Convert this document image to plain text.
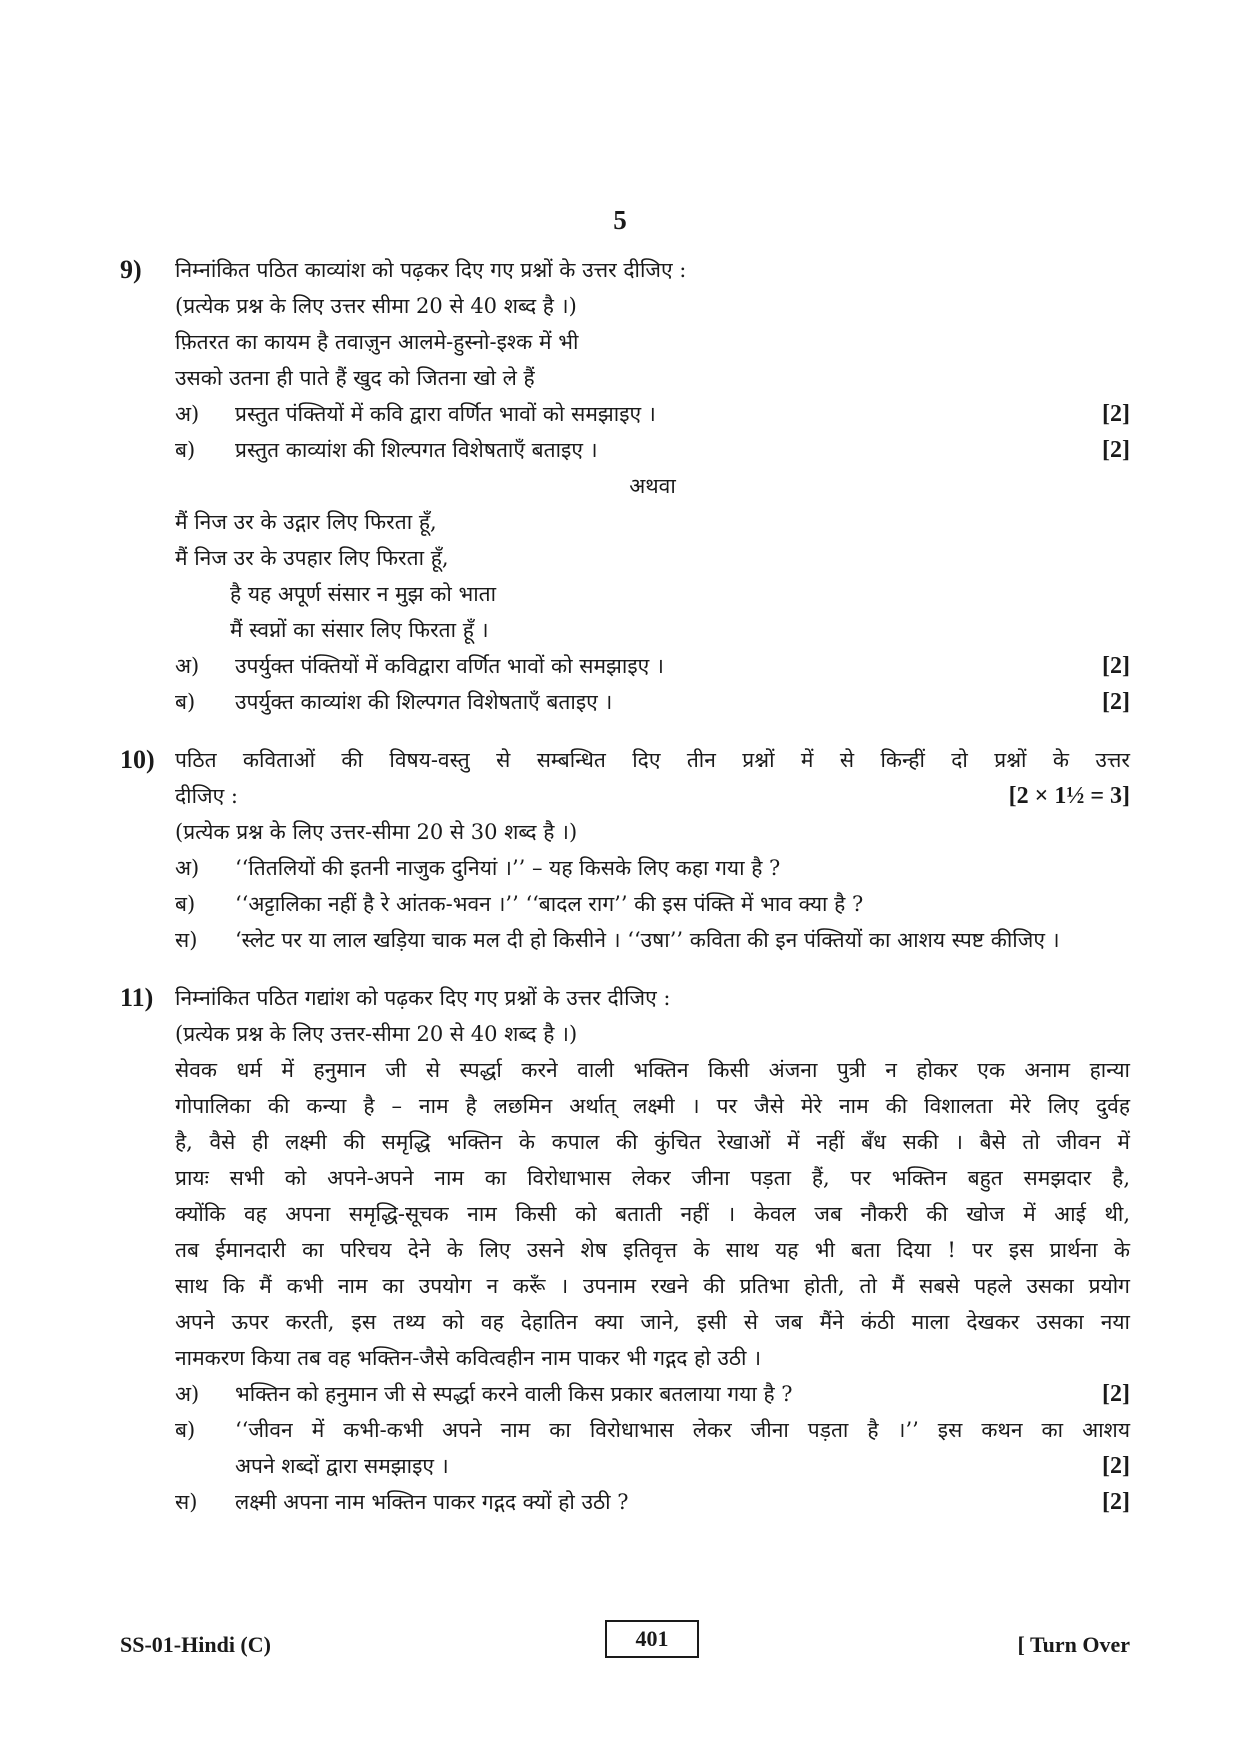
5
9) निम्नांकित पठित काव्यांश को पढ़कर दिए गए प्रश्नों के उत्तर दीजिए :
(प्रत्येक प्रश्न के लिए उत्तर सीमा 20 से 40 शब्द है ।)
फ़ितरत का कायम है तवाज़ुन आलमे-हुस्नो-इश्क में भी
उसको उतना ही पाते हैं खुद को जितना खो ले हैं
अ) प्रस्तुत पंक्तियों में कवि द्वारा वर्णित भावों को समझाइए ।	[2]
ब) प्रस्तुत काव्यांश की शिल्पगत विशेषताएँ बताइए ।	[2]
अथवा
मैं निज उर के उद्गार लिए फिरता हूँ,
मैं निज उर के उपहार लिए फिरता हूँ,
है यह अपूर्ण संसार न मुझ को भाता
मैं स्वप्नों का संसार लिए फिरता हूँ ।
अ) उपर्युक्त पंक्तियों में कविद्वारा वर्णित भावों को समझाइए ।	[2]
ब) उपर्युक्त काव्यांश की शिल्पगत विशेषताएँ बताइए ।	[2]
10) पठित कविताओं की विषय-वस्तु से सम्बन्धित दिए तीन प्रश्नों में से किन्हीं दो प्रश्नों के उत्तर
दीजिए :	[2 × 1½ = 3]
(प्रत्येक प्रश्न के लिए उत्तर-सीमा 20 से 30 शब्द है ।)
अ) ‘‘तितलियों की इतनी नाजुक दुनियां ।’’ – यह किसके लिए कहा गया है ?
ब) ‘‘अट्टालिका नहीं है रे आंतक-भवन ।’’ ‘‘बादल राग’’ की इस पंक्ति में भाव क्या है ?
स) ‘स्लेट पर या लाल खड़िया चाक मल दी हो किसीने । ‘‘उषा’’ कविता की इन पंक्तियों का आशय स्पष्ट कीजिए ।
11) निम्नांकित पठित गद्यांश को पढ़कर दिए गए प्रश्नों के उत्तर दीजिए :
(प्रत्येक प्रश्न के लिए उत्तर-सीमा 20 से 40 शब्द है ।)
सेवक धर्म में हनुमान जी से स्पर्द्धा करने वाली भक्तिन किसी अंजना पुत्री न होकर एक अनाम हान्या
गोपालिका की कन्या है – नाम है लछमिन अर्थात् लक्ष्मी । पर जैसे मेरे नाम की विशालता मेरे लिए दुर्वह
है, वैसे ही लक्ष्मी की समृद्धि भक्तिन के कपाल की कुंचित रेखाओं में नहीं बँध सकी । बैसे तो जीवन में
प्रायः सभी को अपने-अपने नाम का विरोधाभास लेकर जीना पड़ता हैं, पर भक्तिन बहुत समझदार है,
क्योंकि वह अपना समृद्धि-सूचक नाम किसी को बताती नहीं । केवल जब नौकरी की खोज में आई थी,
तब ईमानदारी का परिचय देने के लिए उसने शेष इतिवृत्त के साथ यह भी बता दिया ! पर इस प्रार्थना के
साथ कि मैं कभी नाम का उपयोग न करूँ । उपनाम रखने की प्रतिभा होती, तो मैं सबसे पहले उसका प्रयोग
अपने ऊपर करती, इस तथ्य को वह देहातिन क्या जाने, इसी से जब मैंने कंठी माला देखकर उसका नया
नामकरण किया तब वह भक्तिन-जैसे कवित्वहीन नाम पाकर भी गद्गद हो उठी ।
अ) भक्तिन को हनुमान जी से स्पर्द्धा करने वाली किस प्रकार बतलाया गया है ?	[2]
ब) ‘‘जीवन में कभी-कभी अपने नाम का विरोधाभास लेकर जीना पड़ता है ।’’ इस कथन का आशय
अपने शब्दों द्वारा समझाइए ।	[2]
स) लक्ष्मी अपना नाम भक्तिन पाकर गद्गद क्यों हो उठी ?	[2]
SS-01-Hindi (C)	401	[ Turn Over
